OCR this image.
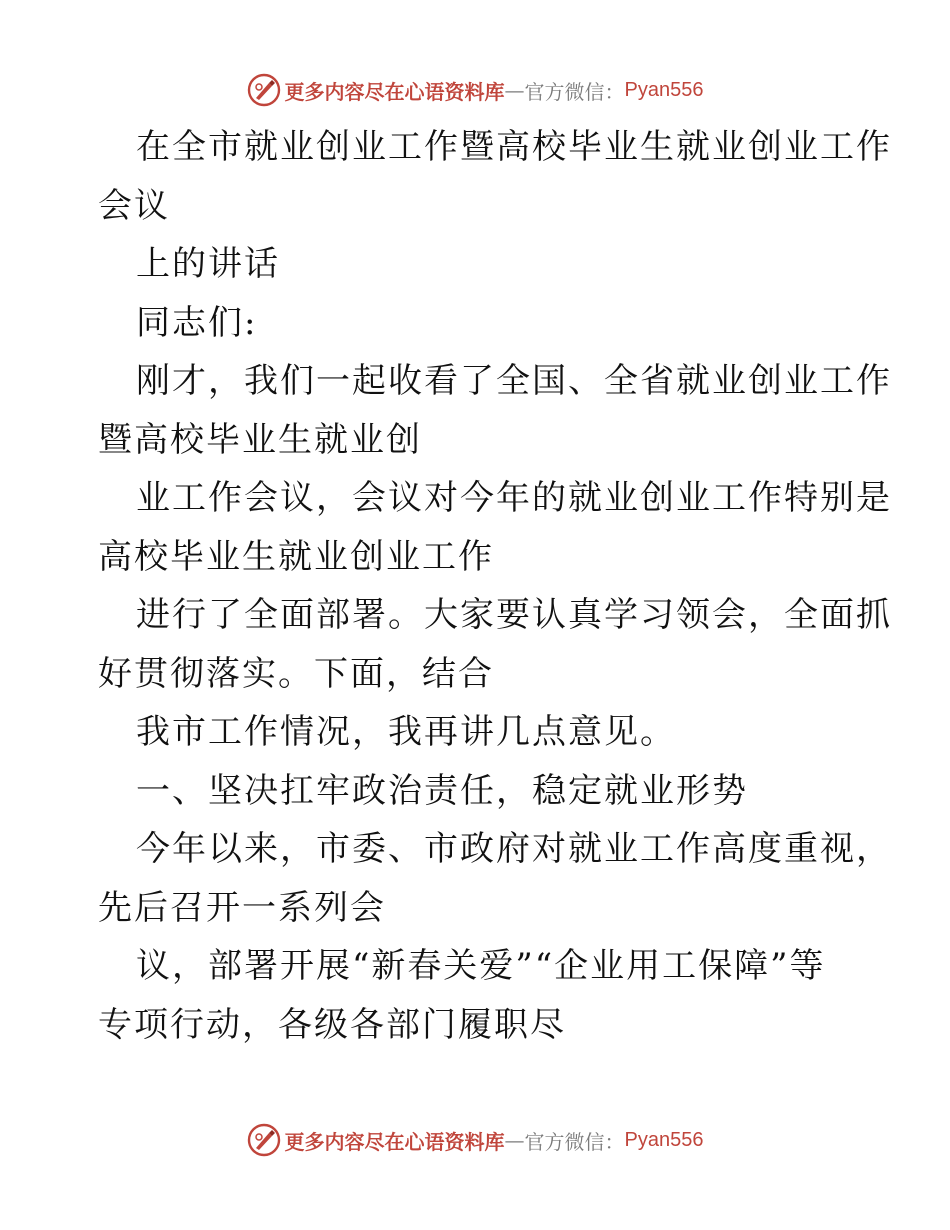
更多内容尽在心语资料库 — 官方微信： Pyan556
在全市就业创业工作暨高校毕业生就业创业工作
会议
上的讲话
同志们:
刚才，我们一起收看了全国、全省就业创业工作
暨高校毕业生就业创
业工作会议，会议对今年的就业创业工作特别是
高校毕业生就业创业工作
进行了全面部署。大家要认真学习领会，全面抓
好贯彻落实。下面，结合
我市工作情况，我再讲几点意见。
一、坚决扛牢政治责任，稳定就业形势
今年以来，市委、市政府对就业工作高度重视，
先后召开一系列会
议，部署开展“新春关爱”“企业用工保障”等
专项行动，各级各部门履职尽
更多内容尽在心语资料库 — 官方微信： Pyan556
